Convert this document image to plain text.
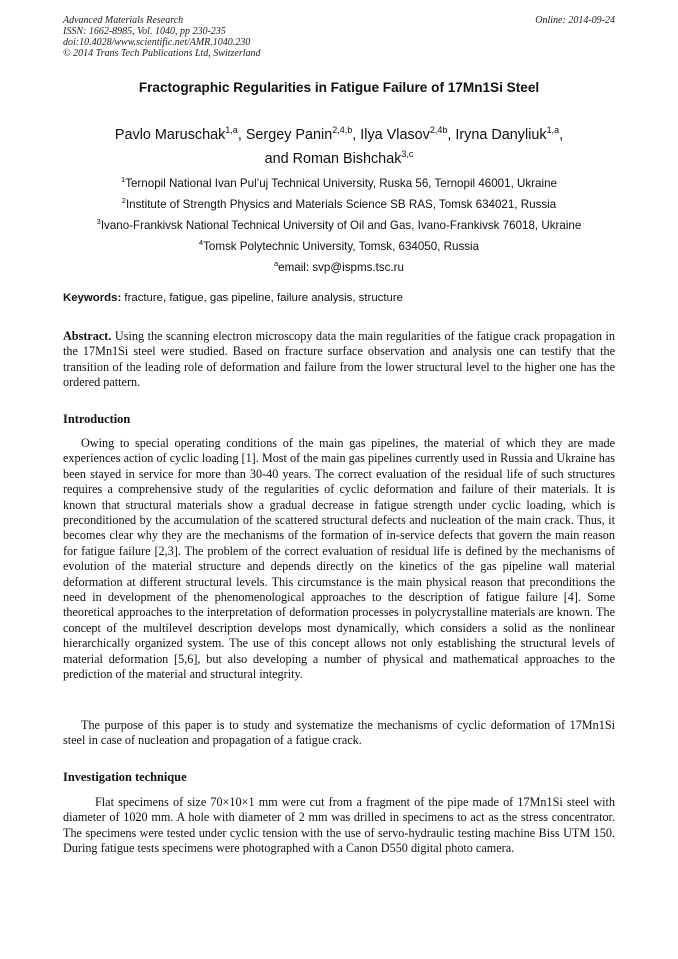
Advanced Materials Research
ISSN: 1662-8985, Vol. 1040, pp 230-235
doi:10.4028/www.scientific.net/AMR.1040.230
© 2014 Trans Tech Publications Ltd, Switzerland
Online: 2014-09-24
Fractographic Regularities in Fatigue Failure of 17Mn1Si Steel
Pavlo Maruschak$^{1,a}$, Sergey Panin$^{2,4,b}$, Ilya Vlasov$^{2,4b}$, Iryna Danyliuk$^{1,a}$,
and Roman Bishchak$^{3,c}$
$^1$Ternopil National Ivan Pul’uj Technical University, Ruska 56, Ternopil 46001, Ukraine
$^2$Institute of Strength Physics and Materials Science SB RAS, Tomsk 634021, Russia
$^3$Ivano-Frankivsk National Technical University of Oil and Gas, Ivano-Frankivsk 76018, Ukraine
$^4$Tomsk Polytechnic University, Tomsk, 634050, Russia
$^a$email: svp@ispms.tsc.ru
Keywords: fracture, fatigue, gas pipeline, failure analysis, structure
Abstract. Using the scanning electron microscopy data the main regularities of the fatigue crack propagation in the 17Mn1Si steel were studied. Based on fracture surface observation and analysis one can testify that the transition of the leading role of deformation and failure from the lower structural level to the higher one has the ordered pattern.
Introduction

Owing to special operating conditions of the main gas pipelines, the material of which they are made experiences action of cyclic loading [1]. Most of the main gas pipelines currently used in Russia and Ukraine has been stayed in service for more than 30-40 years. The correct evaluation of the residual life of such structures requires a comprehensive study of the regularities of cyclic deformation and failure of their materials. It is known that structural materials show a gradual decrease in fatigue strength under cyclic loading, which is preconditioned by the accumulation of the scattered structural defects and nucleation of the main crack. Thus, it becomes clear why they are the mechanisms of the formation of in-service defects that govern the main reason for fatigue failure [2,3]. The problem of the correct evaluation of residual life is defined by the mechanisms of evolution of the material structure and depends directly on the kinetics of the gas pipeline wall material deformation at different structural levels. This circumstance is the main physical reason that preconditions the need in development of the phenomenological approaches to the description of fatigue failure [4]. Some theoretical approaches to the interpretation of deformation processes in polycrystalline materials are known. The concept of the multilevel description develops most dynamically, which considers a solid as the nonlinear hierarchically organized system. The use of this concept allows not only establishing the structural levels of material deformation [5,6], but also developing a number of physical and mathematical approaches to the prediction of the material and structural integrity.

The purpose of this paper is to study and systematize the mechanisms of cyclic deformation of 17Mn1Si steel in case of nucleation and propagation of a fatigue crack.

Investigation technique

Flat specimens of size 70×10×1 mm were cut from a fragment of the pipe made of 17Mn1Si steel with diameter of 1020 mm. A hole with diameter of 2 mm was drilled in specimens to act as the stress concentrator. The specimens were tested under cyclic tension with the use of servo-hydraulic testing machine Biss UTM 150. During fatigue tests specimens were photographed with a Canon D550 digital photo camera.
